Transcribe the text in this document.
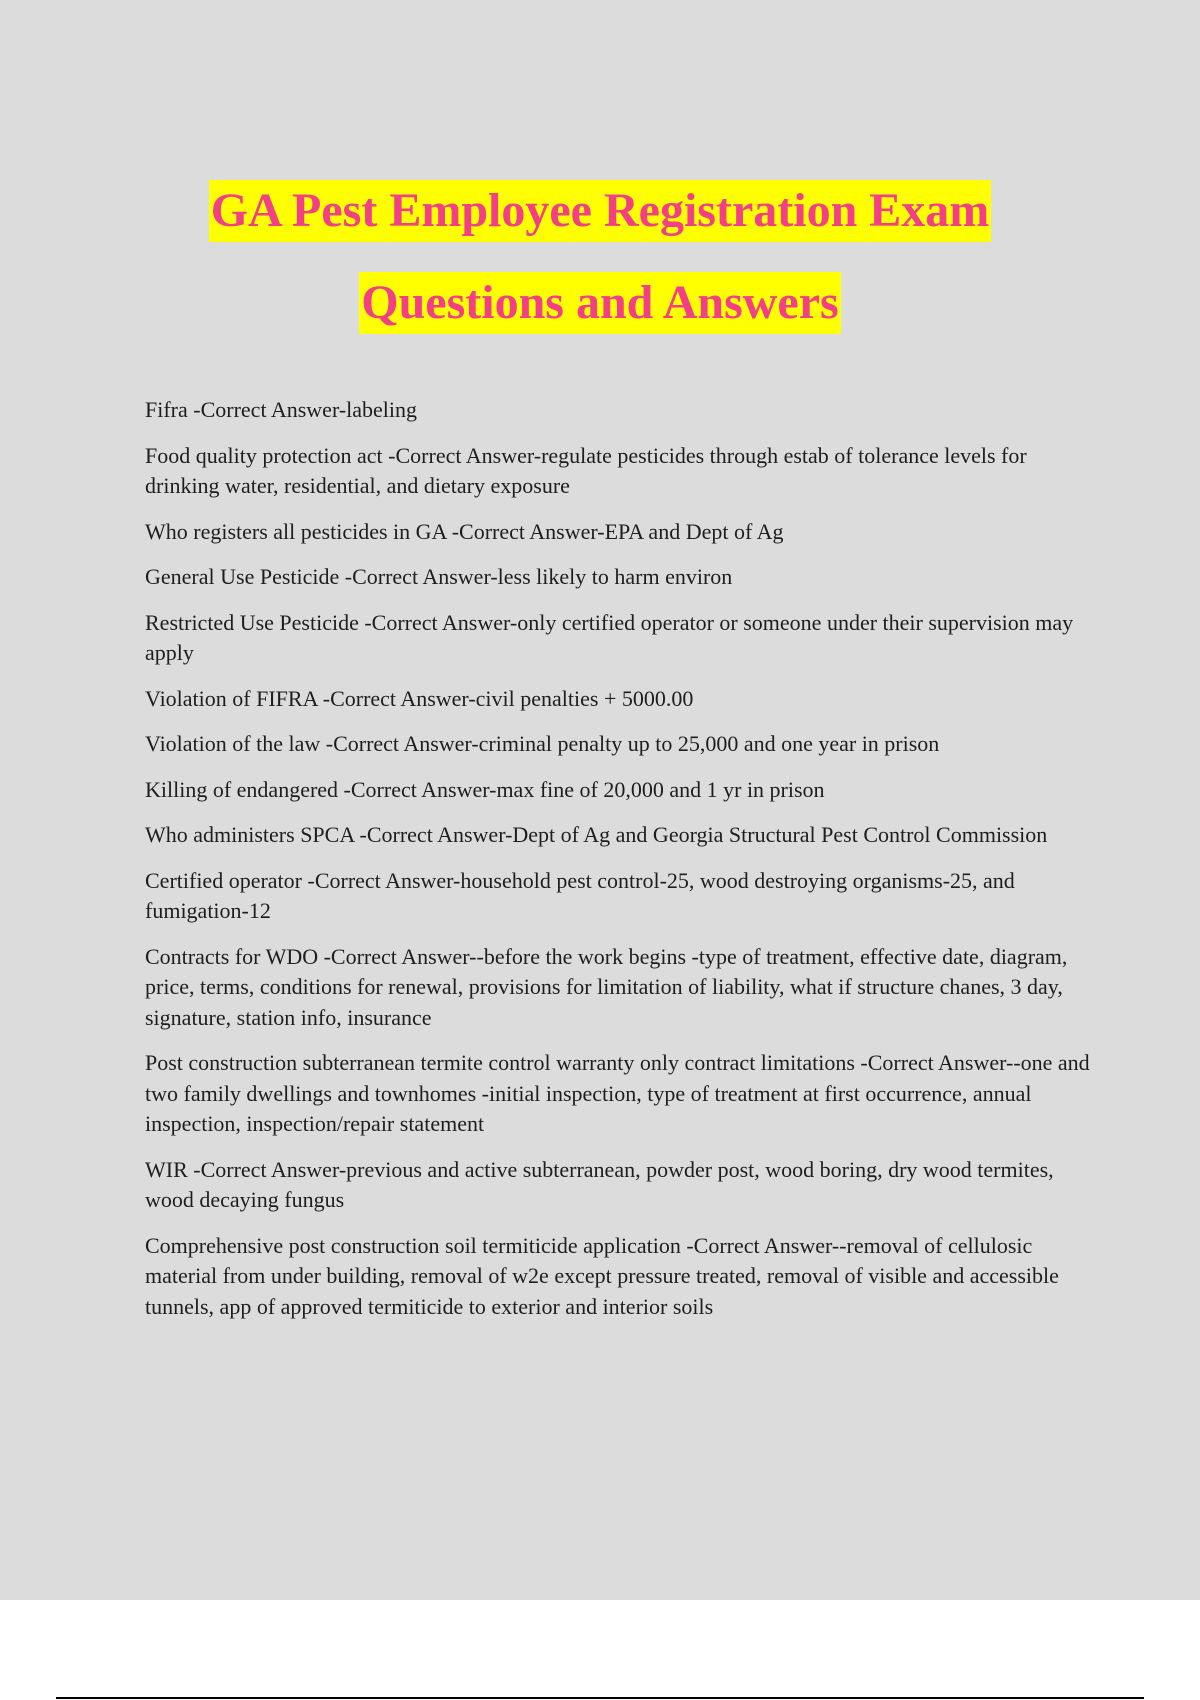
GA Pest Employee Registration Exam
Questions and Answers

Fifra -Correct Answer-labeling

Food quality protection act -Correct Answer-regulate pesticides through estab of tolerance levels for drinking water, residential, and dietary exposure

Who registers all pesticides in GA -Correct Answer-EPA and Dept of Ag

General Use Pesticide -Correct Answer-less likely to harm environ

Restricted Use Pesticide -Correct Answer-only certified operator or someone under their supervision may apply

Violation of FIFRA -Correct Answer-civil penalties + 5000.00

Violation of the law -Correct Answer-criminal penalty up to 25,000 and one year in prison

Killing of endangered -Correct Answer-max fine of 20,000 and 1 yr in prison

Who administers SPCA -Correct Answer-Dept of Ag and Georgia Structural Pest Control Commission

Certified operator -Correct Answer-household pest control-25, wood destroying organisms-25, and fumigation-12

Contracts for WDO -Correct Answer--before the work begins -type of treatment, effective date, diagram, price, terms, conditions for renewal, provisions for limitation of liability, what if structure chanes, 3 day, signature, station info, insurance

Post construction subterranean termite control warranty only contract limitations -Correct Answer--one and two family dwellings and townhomes -initial inspection, type of treatment at first occurrence, annual inspection, inspection/repair statement

WIR -Correct Answer-previous and active subterranean, powder post, wood boring, dry wood termites, wood decaying fungus

Comprehensive post construction soil termiticide application -Correct Answer--removal of cellulosic material from under building, removal of w2e except pressure treated, removal of visible and accessible tunnels, app of approved termiticide to exterior and interior soils
